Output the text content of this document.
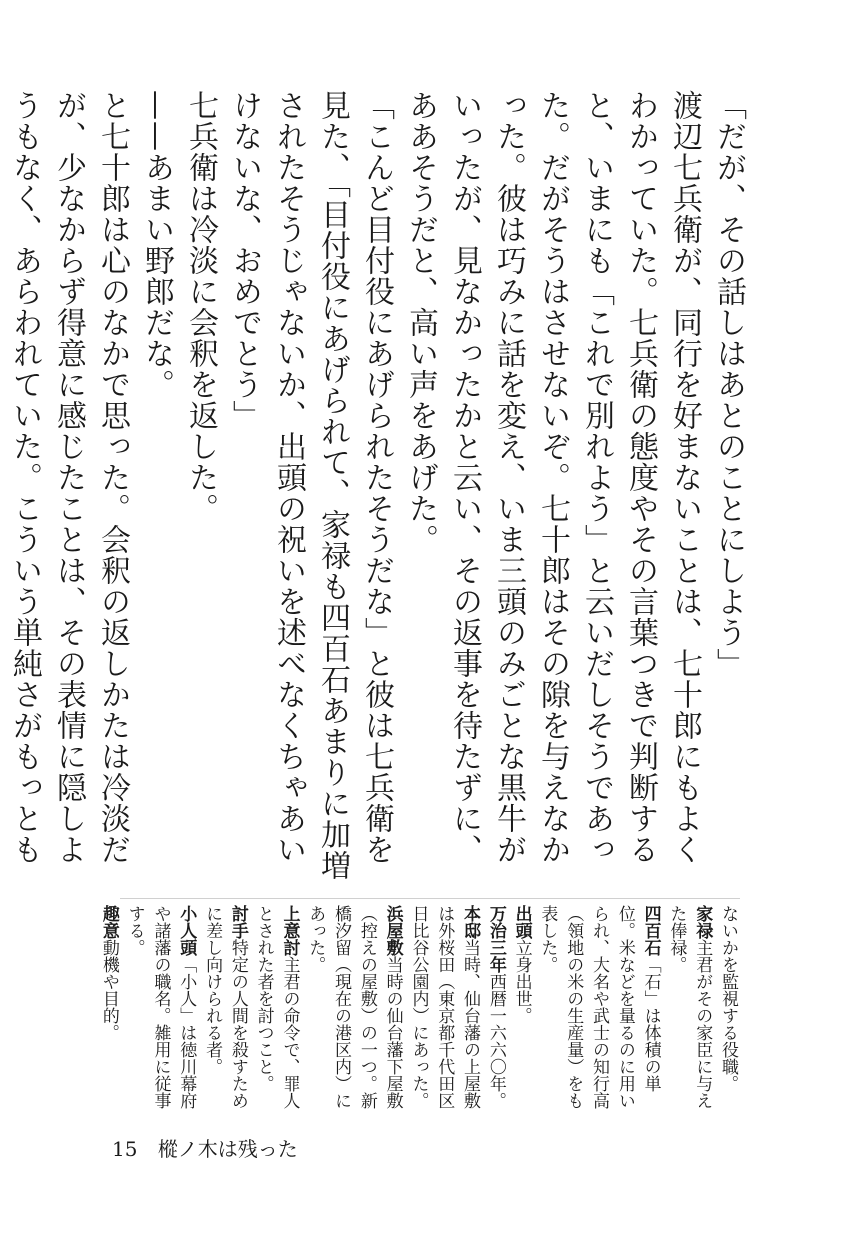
「だが、その話しはあとのことにしよう」

渡辺七兵衛が、同行を好まないことは、七十郎にもよくわかっていた。七兵衛の態度やその言葉つきで判断すると、いまにも「これで別れよう」と云いだしそうであった。だがそうはさせないぞ。七十郎はその隙を与えなかった。彼は巧みに話を変え、いま三頭のみごとな黒牛がいったが、見なかったかと云い、その返事を待たずに、ああそうだと、高い声をあげた。

「こんど目付役にあげられたそうだな」と彼は七兵衛を見た、「目付役にあげられて、家禄も四百石あまりに加増されたそうじゃないか、出頭の祝いを述べなくちゃあいけないな、おめでとう」

七兵衛は冷淡に会釈を返した。

——あまい野郎だな。

と七十郎は心のなかで思った。会釈の返しかたは冷淡だが、少なからず得意に感じたことは、その表情に隠しようもなく、あらわれていた。こういう単純さがもっとも

ないかを監視する役職。
家禄主君がその家臣に与えた俸禄。
四百石「石」は体積の単位。米などを量るのに用いられ、大名や武士の知行高（領地の米の生産量）をも表した。
出頭立身出世。
万治三年西暦一六六〇年。
本邸当時、仙台藩の上屋敷は外桜田（東京都千代田区日比谷公園内）にあった。
浜屋敷当時の仙台藩下屋敷（控えの屋敷）の一つ。新橋汐留（現在の港区内）にあった。
上意討主君の命令で、罪人とされた者を討つこと。
討手特定の人間を殺すために差し向けられる者。
小人頭「小人」は徳川幕府や諸藩の職名。雑用に従事する。
趣意動機や目的。
15 樅ノ木は残った
